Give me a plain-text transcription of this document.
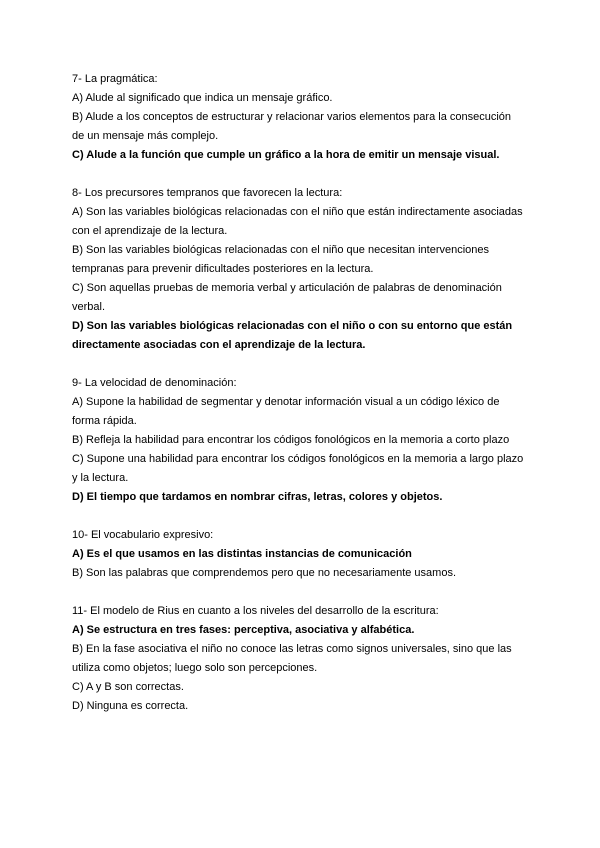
7- La pragmática:

A) Alude al significado que indica un mensaje gráfico.

B) Alude a los conceptos de estructurar y relacionar varios elementos para la consecución

de un mensaje más complejo.

C) Alude a la función que cumple un gráfico a la hora de emitir un mensaje visual.

8- Los precursores tempranos que favorecen la lectura:

A) Son las variables biológicas relacionadas con el niño que están indirectamente asociadas

con el aprendizaje de la lectura.

B) Son las variables biológicas relacionadas con el niño que necesitan intervenciones

tempranas para prevenir dificultades posteriores en la lectura.

C) Son aquellas pruebas de memoria verbal y articulación de palabras de denominación

verbal.

D) Son las variables biológicas relacionadas con el niño o con su entorno que están

directamente asociadas con el aprendizaje de la lectura.

9- La velocidad de denominación:

A) Supone la habilidad de segmentar y denotar información visual a un código léxico de

forma rápida.

B) Refleja la habilidad para encontrar los códigos fonológicos en la memoria a corto plazo

C) Supone una habilidad para encontrar los códigos fonológicos en la memoria a largo plazo

y la lectura.

D) El tiempo que tardamos en nombrar cifras, letras, colores y objetos.

10- El vocabulario expresivo:

A) Es el que usamos en las distintas instancias de comunicación

B) Son las palabras que comprendemos pero que no necesariamente usamos.

11- El modelo de Rius en cuanto a los niveles del desarrollo de la escritura:

A) Se estructura en tres fases: perceptiva, asociativa y alfabética.

B) En la fase asociativa el niño no conoce las letras como signos universales, sino que las

utiliza como objetos; luego solo son percepciones.

C) A y B son correctas.

D) Ninguna es correcta.
